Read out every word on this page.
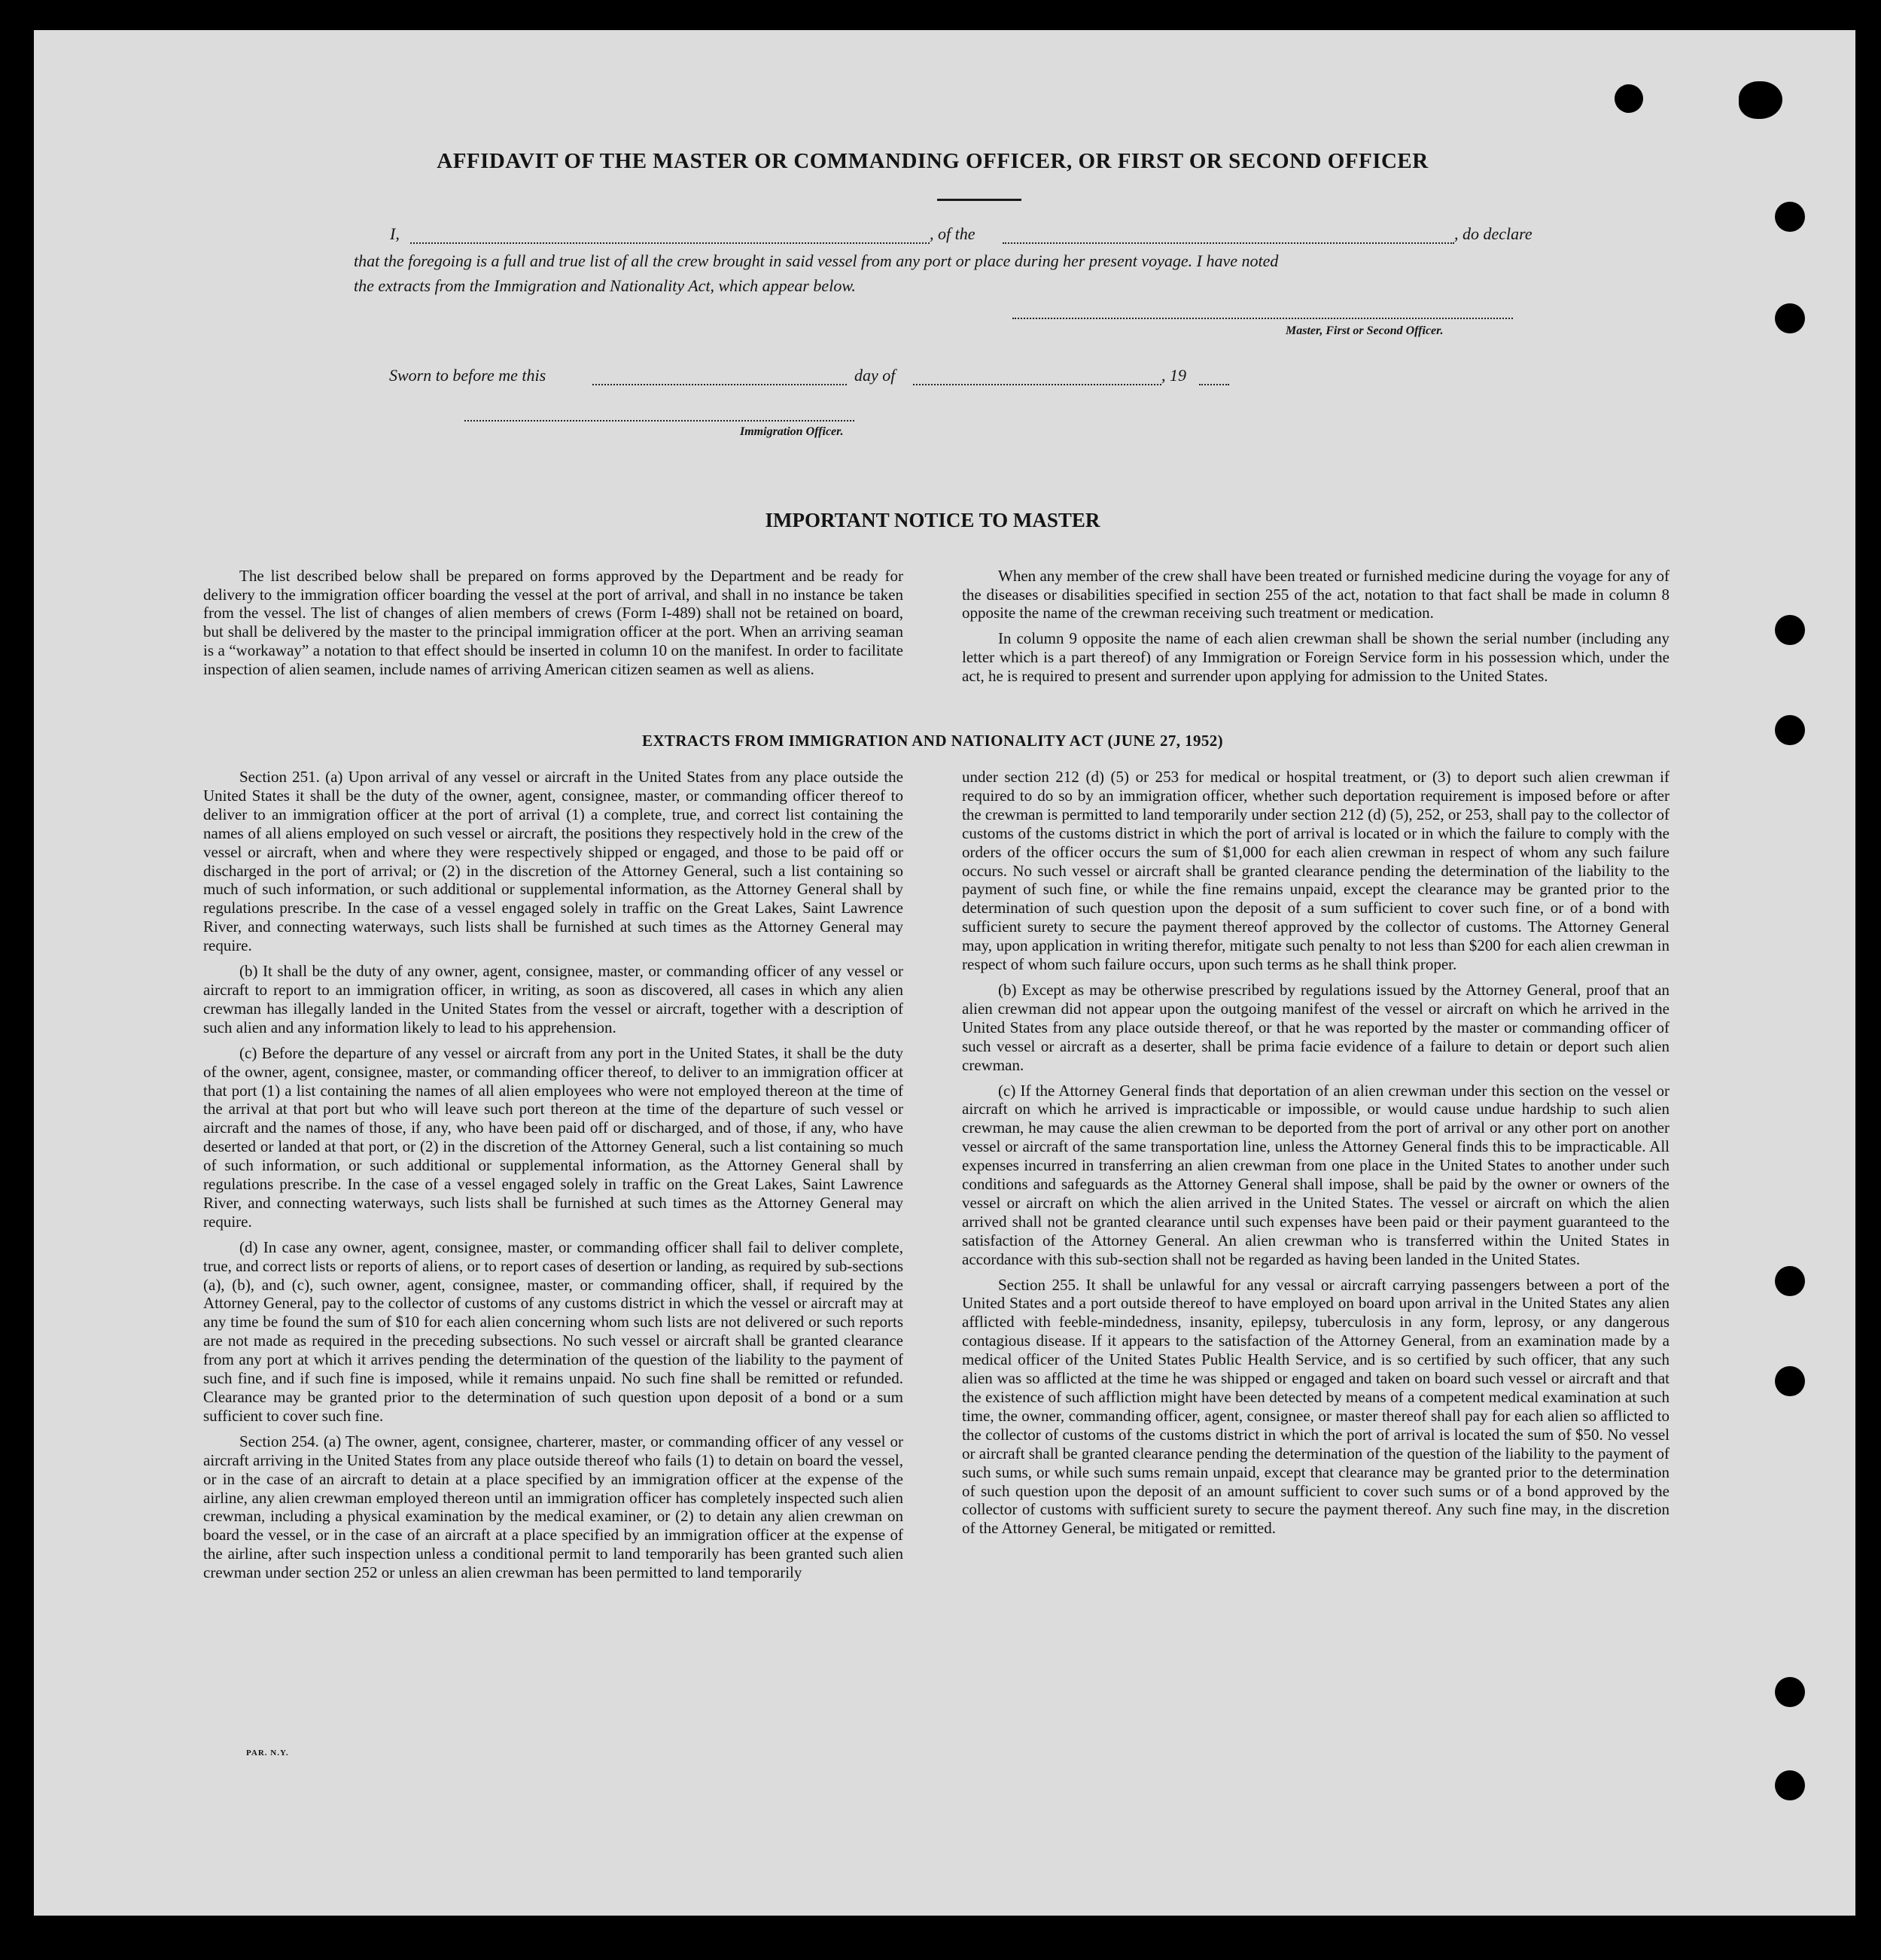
AFFIDAVIT OF THE MASTER OR COMMANDING OFFICER, OR FIRST OR SECOND OFFICER
I,	, of the	, do declare
that the foregoing is a full and true list of all the crew brought in said vessel from any port or place during her present voyage. I have noted
the extracts from the Immigration and Nationality Act, which appear below.
Master, First or Second Officer.
Sworn to before me this	day of	, 19
Immigration Officer.
IMPORTANT NOTICE TO MASTER

The list described below shall be prepared on forms approved by the Department and be ready for delivery to the immigration officer boarding the vessel at the port of arrival, and shall in no instance be taken from the vessel. The list of changes of alien members of crews (Form I-489) shall not be retained on board, but shall be delivered by the master to the principal immigration officer at the port. When an arriving seaman is a “workaway” a notation to that effect should be inserted in column 10 on the manifest. In order to facilitate inspection of alien seamen, include names of arriving American citizen seamen as well as aliens.

When any member of the crew shall have been treated or furnished medicine during the voyage for any of the diseases or disabilities specified in section 255 of the act, notation to that fact shall be made in column 8 opposite the name of the crewman receiving such treatment or medication.

In column 9 opposite the name of each alien crewman shall be shown the serial number (including any letter which is a part thereof) of any Immigration or Foreign Service form in his possession which, under the act, he is required to present and surrender upon applying for admission to the United States.

EXTRACTS FROM IMMIGRATION AND NATIONALITY ACT (JUNE 27, 1952)

Section 251. (a) Upon arrival of any vessel or aircraft in the United States from any place outside the United States it shall be the duty of the owner, agent, consignee, master, or commanding officer thereof to deliver to an immigration officer at the port of arrival (1) a complete, true, and correct list containing the names of all aliens employed on such vessel or aircraft, the positions they respectively hold in the crew of the vessel or aircraft, when and where they were respectively shipped or engaged, and those to be paid off or discharged in the port of arrival; or (2) in the discretion of the Attorney General, such a list containing so much of such information, or such additional or supplemental information, as the Attorney General shall by regulations prescribe. In the case of a vessel engaged solely in traffic on the Great Lakes, Saint Lawrence River, and connecting waterways, such lists shall be furnished at such times as the Attorney General may require.

(b) It shall be the duty of any owner, agent, consignee, master, or commanding officer of any vessel or aircraft to report to an immigration officer, in writing, as soon as discovered, all cases in which any alien crewman has illegally landed in the United States from the vessel or aircraft, together with a description of such alien and any information likely to lead to his apprehension.

(c) Before the departure of any vessel or aircraft from any port in the United States, it shall be the duty of the owner, agent, consignee, master, or commanding officer thereof, to deliver to an immigration officer at that port (1) a list containing the names of all alien employees who were not employed thereon at the time of the arrival at that port but who will leave such port thereon at the time of the departure of such vessel or aircraft and the names of those, if any, who have been paid off or discharged, and of those, if any, who have deserted or landed at that port, or (2) in the discretion of the Attorney General, such a list containing so much of such information, or such additional or supplemental information, as the Attorney General shall by regulations prescribe. In the case of a vessel engaged solely in traffic on the Great Lakes, Saint Lawrence River, and connecting waterways, such lists shall be furnished at such times as the Attorney General may require.

(d) In case any owner, agent, consignee, master, or commanding officer shall fail to deliver complete, true, and correct lists or reports of aliens, or to report cases of desertion or landing, as required by sub-sections (a), (b), and (c), such owner, agent, consignee, master, or commanding officer, shall, if required by the Attorney General, pay to the collector of customs of any customs district in which the vessel or aircraft may at any time be found the sum of $10 for each alien concerning whom such lists are not delivered or such reports are not made as required in the preceding subsections. No such vessel or aircraft shall be granted clearance from any port at which it arrives pending the determination of the question of the liability to the payment of such fine, and if such fine is imposed, while it remains unpaid. No such fine shall be remitted or refunded. Clearance may be granted prior to the determination of such question upon deposit of a bond or a sum sufficient to cover such fine.

Section 254. (a) The owner, agent, consignee, charterer, master, or commanding officer of any vessel or aircraft arriving in the United States from any place outside thereof who fails (1) to detain on board the vessel, or in the case of an aircraft to detain at a place specified by an immigration officer at the expense of the airline, any alien crewman employed thereon until an immigration officer has completely inspected such alien crewman, including a physical examination by the medical examiner, or (2) to detain any alien crewman on board the vessel, or in the case of an aircraft at a place specified by an immigration officer at the expense of the airline, after such inspection unless a conditional permit to land temporarily has been granted such alien crewman under section 252 or unless an alien crewman has been permitted to land temporarily

under section 212 (d) (5) or 253 for medical or hospital treatment, or (3) to deport such alien crewman if required to do so by an immigration officer, whether such deportation requirement is imposed before or after the crewman is permitted to land temporarily under section 212 (d) (5), 252, or 253, shall pay to the collector of customs of the customs district in which the port of arrival is located or in which the failure to comply with the orders of the officer occurs the sum of $1,000 for each alien crewman in respect of whom any such failure occurs. No such vessel or aircraft shall be granted clearance pending the determination of the liability to the payment of such fine, or while the fine remains unpaid, except the clearance may be granted prior to the determination of such question upon the deposit of a sum sufficient to cover such fine, or of a bond with sufficient surety to secure the payment thereof approved by the collector of customs. The Attorney General may, upon application in writing therefor, mitigate such penalty to not less than $200 for each alien crewman in respect of whom such failure occurs, upon such terms as he shall think proper.

(b) Except as may be otherwise prescribed by regulations issued by the Attorney General, proof that an alien crewman did not appear upon the outgoing manifest of the vessel or aircraft on which he arrived in the United States from any place outside thereof, or that he was reported by the master or commanding officer of such vessel or aircraft as a deserter, shall be prima facie evidence of a failure to detain or deport such alien crewman.

(c) If the Attorney General finds that deportation of an alien crewman under this section on the vessel or aircraft on which he arrived is impracticable or impossible, or would cause undue hardship to such alien crewman, he may cause the alien crewman to be deported from the port of arrival or any other port on another vessel or aircraft of the same transportation line, unless the Attorney General finds this to be impracticable. All expenses incurred in transferring an alien crewman from one place in the United States to another under such conditions and safeguards as the Attorney General shall impose, shall be paid by the owner or owners of the vessel or aircraft on which the alien arrived in the United States. The vessel or aircraft on which the alien arrived shall not be granted clearance until such expenses have been paid or their payment guaranteed to the satisfaction of the Attorney General. An alien crewman who is transferred within the United States in accordance with this sub-section shall not be regarded as having been landed in the United States.

Section 255. It shall be unlawful for any vessal or aircraft carrying passengers between a port of the United States and a port outside thereof to have employed on board upon arrival in the United States any alien afflicted with feeble-mindedness, insanity, epilepsy, tuberculosis in any form, leprosy, or any dangerous contagious disease. If it appears to the satisfaction of the Attorney General, from an examination made by a medical officer of the United States Public Health Service, and is so certified by such officer, that any such alien was so afflicted at the time he was shipped or engaged and taken on board such vessel or aircraft and that the existence of such affliction might have been detected by means of a competent medical examination at such time, the owner, commanding officer, agent, consignee, or master thereof shall pay for each alien so afflicted to the collector of customs of the customs district in which the port of arrival is located the sum of $50. No vessel or aircraft shall be granted clearance pending the determination of the question of the liability to the payment of such sums, or while such sums remain unpaid, except that clearance may be granted prior to the determination of such question upon the deposit of an amount sufficient to cover such sums or of a bond approved by the collector of customs with sufficient surety to secure the payment thereof. Any such fine may, in the discretion of the Attorney General, be mitigated or remitted.

PAR. N.Y.
